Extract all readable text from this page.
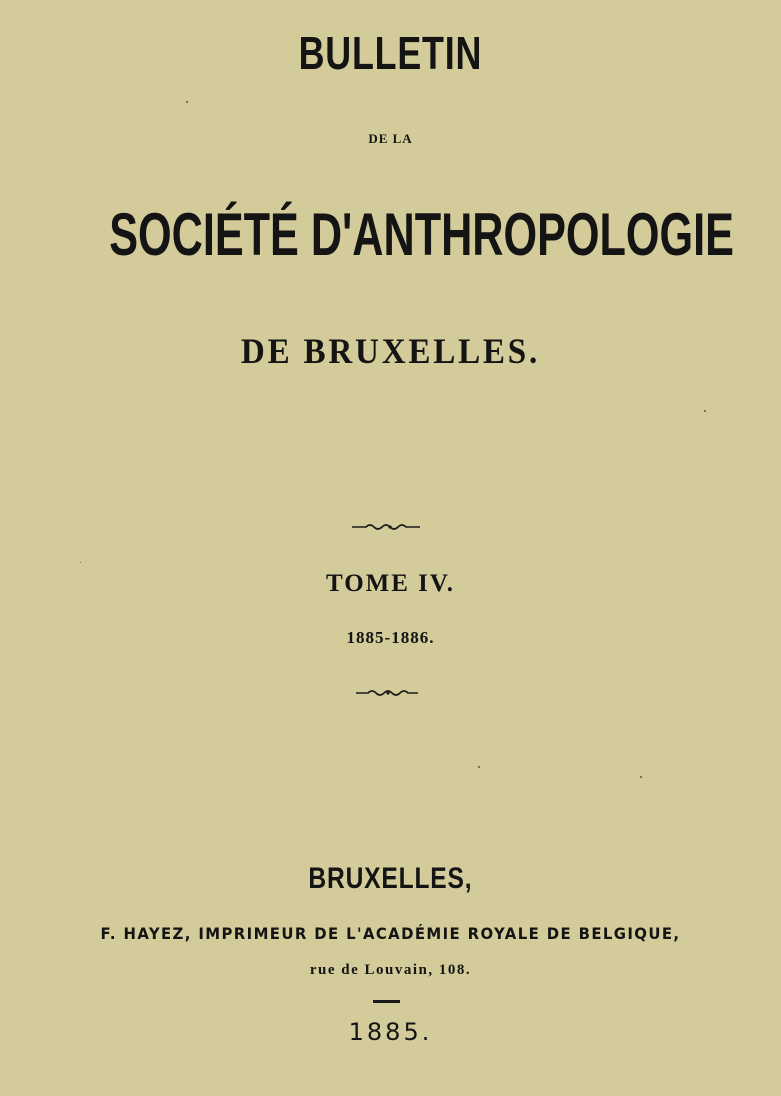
BULLETIN
DE LA
SOCIÉTÉ D'ANTHROPOLOGIE
DE BRUXELLES.
TOME IV.
1885-1886.
BRUXELLES,
F. HAYEZ, IMPRIMEUR DE L'ACADÉMIE ROYALE DE BELGIQUE,
rue de Louvain, 108.
1885.
